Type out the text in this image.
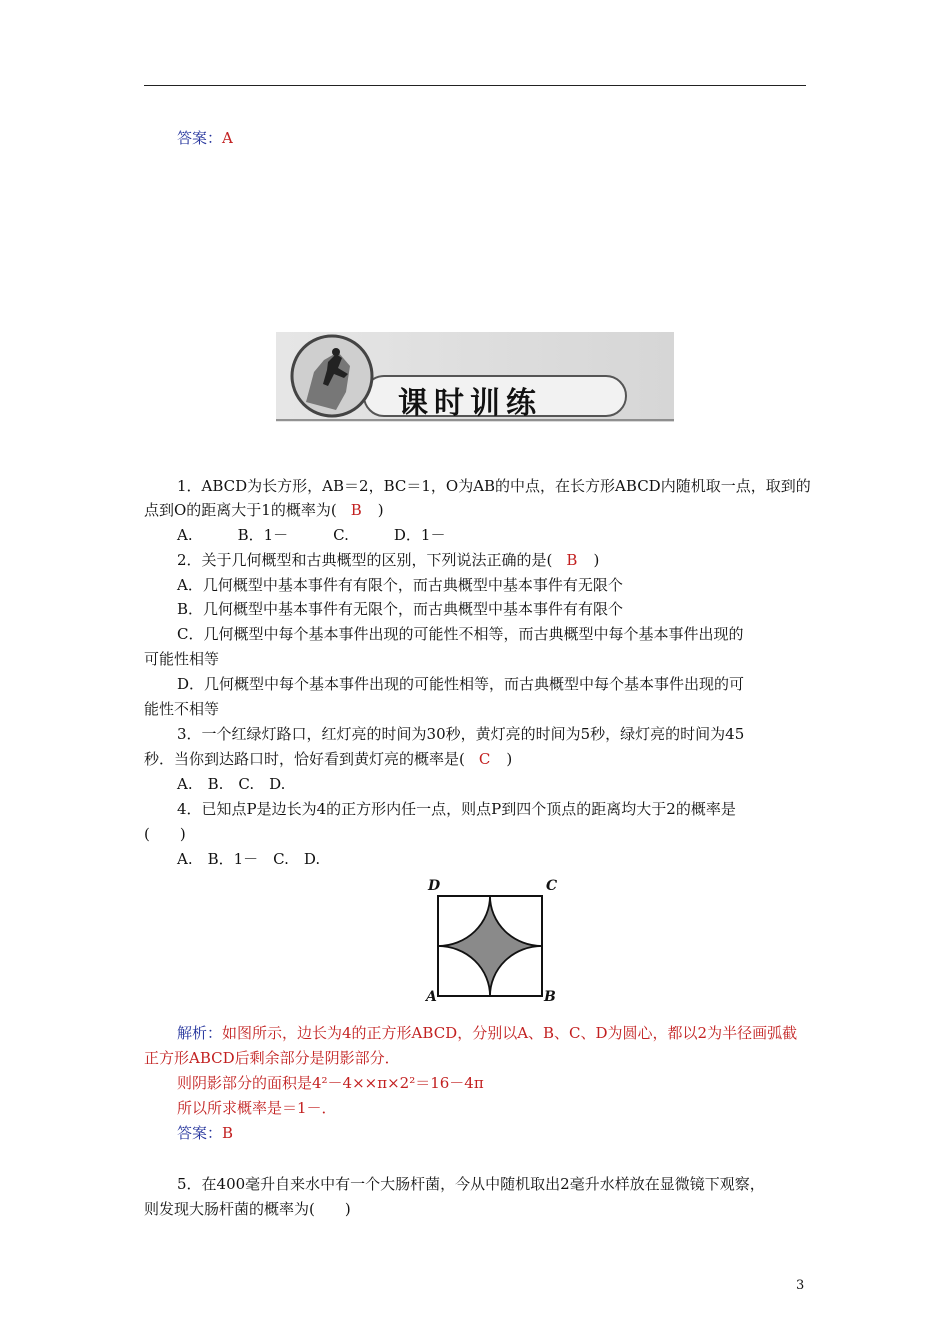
答案：A
课时训练
1．ABCD为长方形，AB＝2，BC＝1，O为AB的中点，在长方形ABCD内随机取一点，取到的
点到O的距离大于1的概率为( B )
A.　　　B．1－　　　C.　　　D．1－
2．关于几何概型和古典概型的区别，下列说法正确的是( B )
A．几何概型中基本事件有有限个，而古典概型中基本事件有无限个
B．几何概型中基本事件有无限个，而古典概型中基本事件有有限个
C．几何概型中每个基本事件出现的可能性不相等，而古典概型中每个基本事件出现的
可能性相等
D．几何概型中每个基本事件出现的可能性相等，而古典概型中每个基本事件出现的可
能性不相等
3．一个红绿灯路口，红灯亮的时间为30秒，黄灯亮的时间为5秒，绿灯亮的时间为45
秒．当你到达路口时，恰好看到黄灯亮的概率是( C )
A.　B.　C.　D.
4．已知点P是边长为4的正方形内任一点，则点P到四个顶点的距离均大于2的概率是
(　　)
A.　B．1－　C.　D.
D	C
A	B
解析：如图所示，边长为4的正方形ABCD，分别以A、B、C、D为圆心，都以2为半径画弧截
正方形ABCD后剩余部分是阴影部分．
则阴影部分的面积是4²－4××π×2²＝16－4π
所以所求概率是＝1－．
答案：B
5．在400毫升自来水中有一个大肠杆菌，今从中随机取出2毫升水样放在显微镜下观察，
则发现大肠杆菌的概率为(　　)
3
